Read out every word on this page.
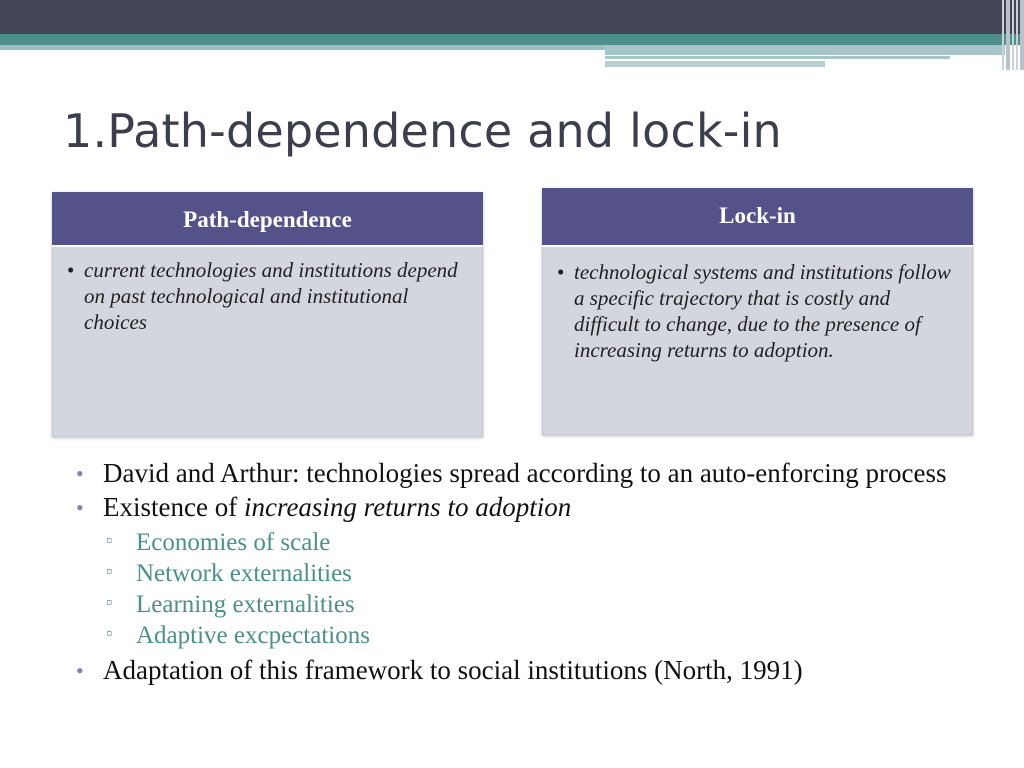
1.Path-dependence and lock-in
Path-dependence
• current technologies and institutions depend on past technological and institutional choices
Lock-in
• technological systems and institutions follow a specific trajectory that is costly and difficult to change, due to the presence of increasing returns to adoption.
• David and Arthur: technologies spread according to an auto-enforcing process
• Existence of increasing returns to adoption
▫ Economies of scale
▫ Network externalities
▫ Learning externalities
▫ Adaptive excpectations
• Adaptation of this framework to social institutions (North, 1991)
